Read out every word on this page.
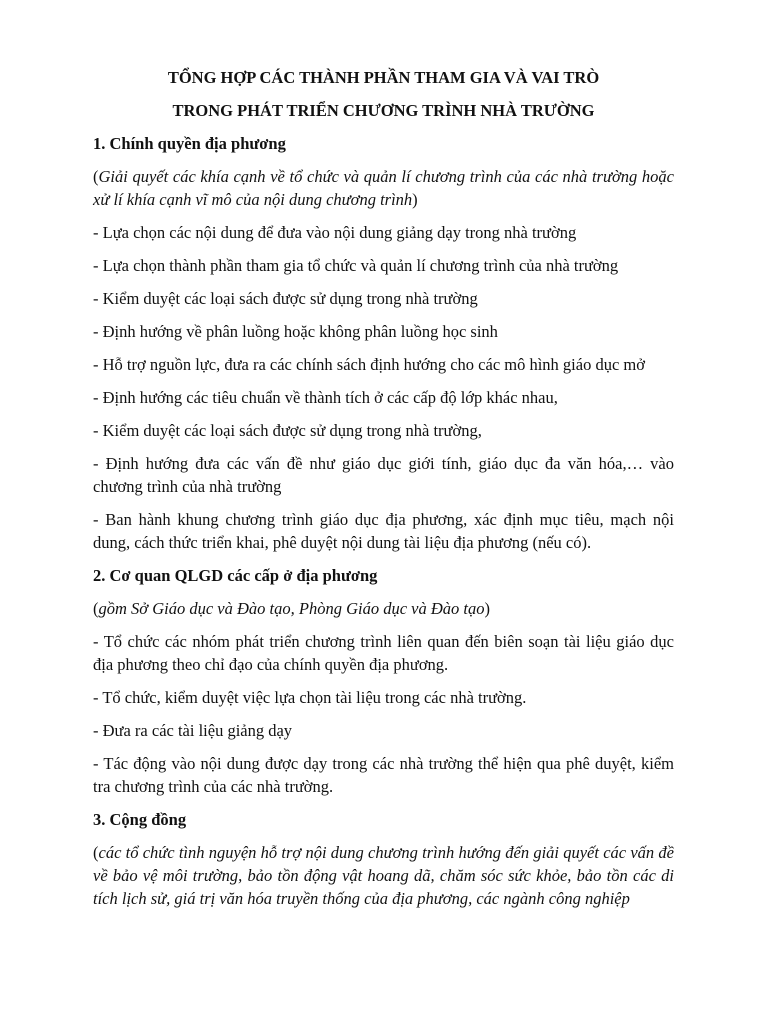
TỔNG HỢP CÁC THÀNH PHẦN THAM GIA VÀ VAI TRÒ
TRONG PHÁT TRIỂN CHƯƠNG TRÌNH NHÀ TRƯỜNG
1. Chính quyền địa phương

(Giải quyết các khía cạnh về tổ chức và quản lí chương trình của các nhà trường hoặc xử lí khía cạnh vĩ mô của nội dung chương trình)

- Lựa chọn các nội dung để đưa vào nội dung giảng dạy trong nhà trường

- Lựa chọn thành phần tham gia tổ chức và quản lí chương trình của nhà trường

- Kiểm duyệt các loại sách được sử dụng trong nhà trường

- Định hướng về phân luồng hoặc không phân luồng học sinh

- Hỗ trợ nguồn lực, đưa ra các chính sách định hướng cho các mô hình giáo dục mở

- Định hướng các tiêu chuẩn về thành tích ở các cấp độ lớp khác nhau,

- Kiểm duyệt các loại sách được sử dụng trong nhà trường,

- Định hướng đưa các vấn đề như giáo dục giới tính, giáo dục đa văn hóa,… vào chương trình của nhà trường

- Ban hành khung chương trình giáo dục địa phương, xác định mục tiêu, mạch nội dung, cách thức triển khai, phê duyệt nội dung tài liệu địa phương (nếu có).

2. Cơ quan QLGD các cấp ở địa phương

(gồm Sở Giáo dục và Đào tạo, Phòng Giáo dục và Đào tạo)

- Tổ chức các nhóm phát triển chương trình liên quan đến biên soạn tài liệu giáo dục địa phương theo chỉ đạo của chính quyền địa phương.

- Tổ chức, kiểm duyệt việc lựa chọn tài liệu trong các nhà trường.

- Đưa ra các tài liệu giảng dạy

- Tác động vào nội dung được dạy trong các nhà trường thể hiện qua phê duyệt, kiểm tra chương trình của các nhà trường.

3. Cộng đồng

(các tổ chức tình nguyện hỗ trợ nội dung chương trình hướng đến giải quyết các vấn đề về bảo vệ môi trường, bảo tồn động vật hoang dã, chăm sóc sức khỏe, bảo tồn các di tích lịch sử, giá trị văn hóa truyền thống của địa phương, các ngành công nghiệp
